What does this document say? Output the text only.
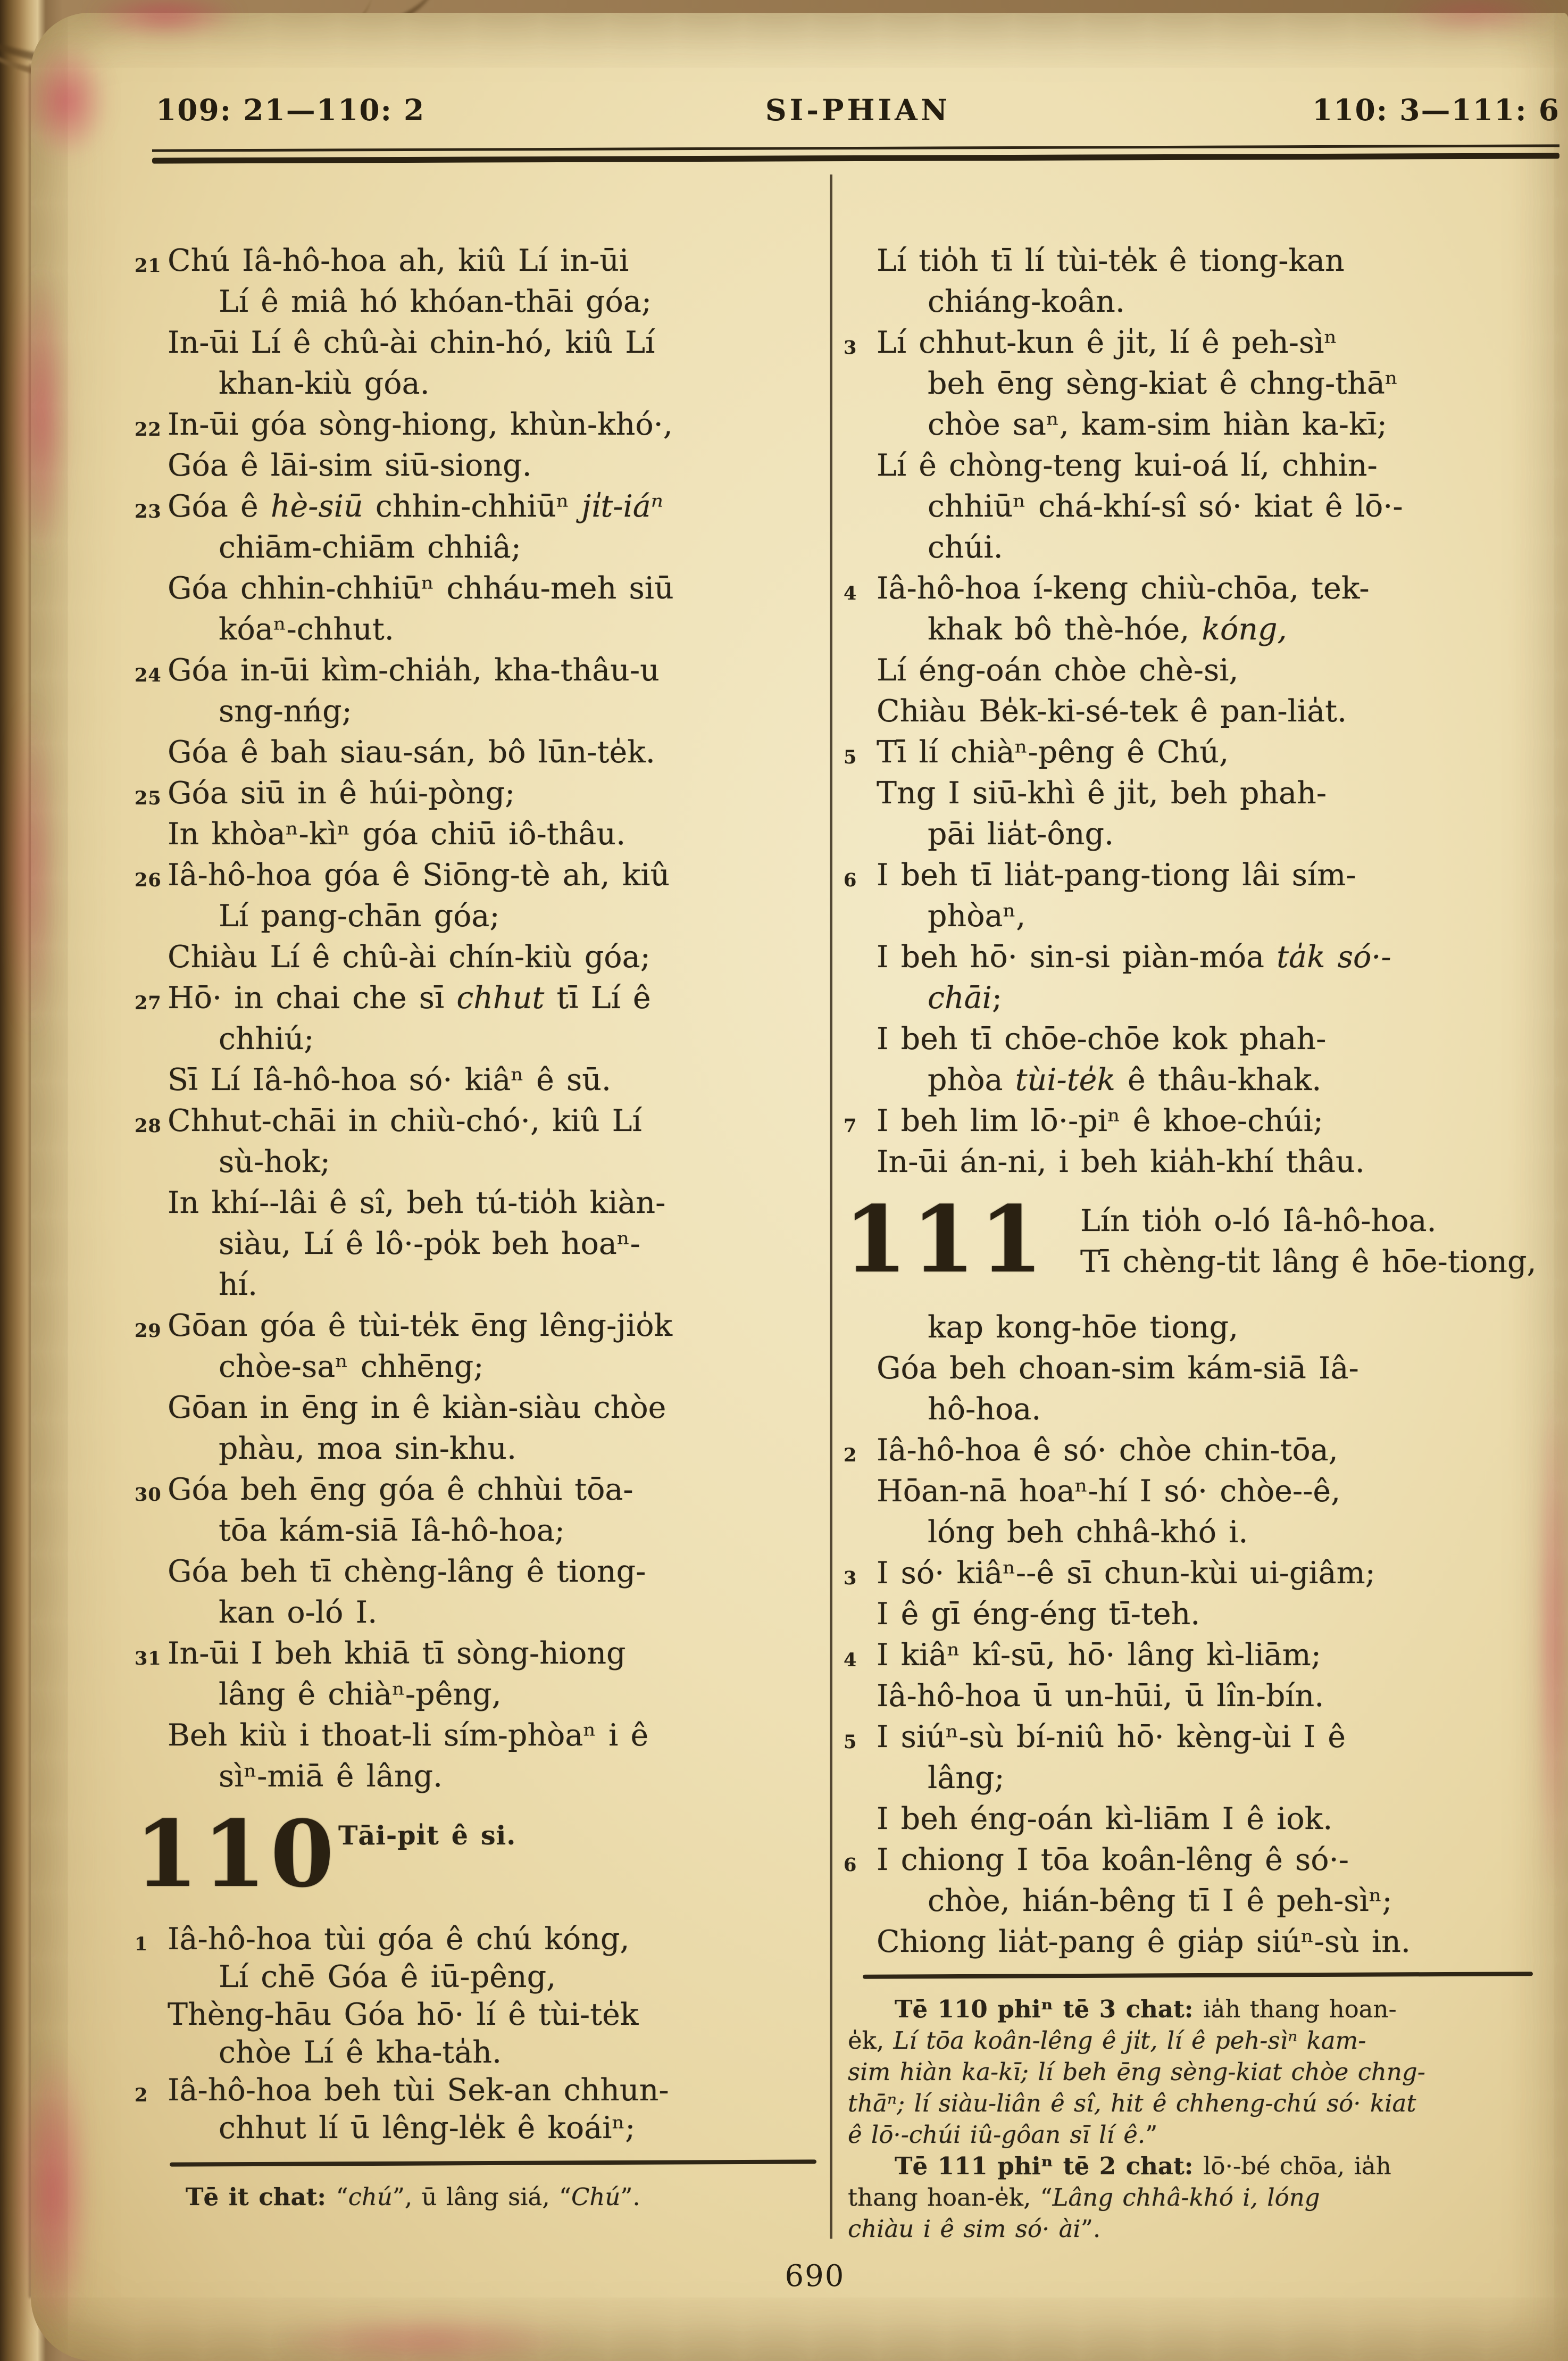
109: 21—110: 2	SI-PHIAN	110: 3—111: 6
21 Chú Iâ-hô-hoa ah, kiû Lí in-ūi
Lí ê miâ hó khóan-thāi góa;
In-ūi Lí ê chû-ài chin-hó, kiû Lí
khan-kiù góa.
22 In-ūi góa sòng-hiong, khùn-khó·,
Góa ê lāi-sim siū-siong.
23 Góa ê hè-siū chhin-chhiūⁿ ji̍t-iáⁿ
chiām-chiām chhiâ;
Góa chhin-chhiūⁿ chháu-meh siū
kóaⁿ-chhut.
24 Góa in-ūi kìm-chia̍h, kha-thâu-u
sng-nńg;
Góa ê bah siau-sán, bô lūn-te̍k.
25 Góa siū in ê húi-pòng;
In khòaⁿ-kìⁿ góa chiū iô-thâu.
26 Iâ-hô-hoa góa ê Siōng-tè ah, kiû
Lí pang-chān góa;
Chiàu Lí ê chû-ài chín-kiù góa;
27 Hō· in chai che sī chhut tī Lí ê
chhiú;
Sī Lí Iâ-hô-hoa só· kiâⁿ ê sū.
28 Chhut-chāi in chiù-chó·, kiû Lí
sù-hok;
In khí--lâi ê sî, beh tú-tio̍h kiàn-
siàu, Lí ê lô·-po̍k beh hoaⁿ-
hí.
29 Gōan góa ê tùi-te̍k ēng lêng-jio̍k
chòe-saⁿ chhēng;
Gōan in ēng in ê kiàn-siàu chòe
phàu, moa sin-khu.
30 Góa beh ēng góa ê chhùi tōa-
tōa kám-siā Iâ-hô-hoa;
Góa beh tī chèng-lâng ê tiong-
kan o-ló I.
31 In-ūi I beh khiā tī sòng-hiong
lâng ê chiàⁿ-pêng,
Beh kiù i thoat-li sím-phòaⁿ i ê
sìⁿ-miā ê lâng.
110 Tāi-pi̍t ê si.
1 Iâ-hô-hoa tùi góa ê chú kóng,
Lí chē Góa ê iū-pêng,
Thèng-hāu Góa hō· lí ê tùi-te̍k
chòe Lí ê kha-ta̍h.
2 Iâ-hô-hoa beh tùi Sek-an chhun-
chhut lí ū lêng-le̍k ê koáiⁿ;
Tē it chat: “chú”, ū lâng siá, “Chú”.
Lí tio̍h tī lí tùi-te̍k ê tiong-kan
chiáng-koân.
3 Lí chhut-kun ê ji̍t, lí ê peh-sìⁿ
beh ēng sèng-kiat ê chng-thāⁿ
chòe saⁿ, kam-sim hiàn ka-kī;
Lí ê chòng-teng kui-oá lí, chhin-
chhiūⁿ chá-khí-sî só· kiat ê lō·-
chúi.
4 Iâ-hô-hoa í-keng chiù-chōa, tek-
khak bô thè-hóe, kóng,
Lí éng-oán chòe chè-si,
Chiàu Be̍k-ki-sé-tek ê pan-lia̍t.
5 Tī lí chiàⁿ-pêng ê Chú,
Tng I siū-khì ê ji̍t, beh phah-
pāi lia̍t-ông.
6 I beh tī lia̍t-pang-tiong lâi sím-
phòaⁿ,
I beh hō· sin-si piàn-móa ta̍k só·-
chāi;
I beh tī chōe-chōe kok phah-
phòa tùi-te̍k ê thâu-khak.
7 I beh lim lō·-piⁿ ê khoe-chúi;
In-ūi án-ni, i beh kia̍h-khí thâu.
111	Lín tio̍h o-ló Iâ-hô-hoa.
Tī chèng-ti̍t lâng ê hōe-tiong,
kap kong-hōe tiong,
Góa beh choan-sim kám-siā Iâ-
hô-hoa.
2 Iâ-hô-hoa ê só· chòe chin-tōa,
Hōan-nā hoaⁿ-hí I só· chòe--ê,
lóng beh chhâ-khó i.
3 I só· kiâⁿ--ê sī chun-kùi ui-giâm;
I ê gī éng-éng tī-teh.
4 I kiâⁿ kî-sū, hō· lâng kì-liām;
Iâ-hô-hoa ū un-hūi, ū lîn-bín.
5 I siúⁿ-sù bí-niû hō· kèng-ùi I ê
lâng;
I beh éng-oán kì-liām I ê iok.
6 I chiong I tōa koân-lêng ê só·-
chòe, hián-bêng tī I ê peh-sìⁿ;
Chiong lia̍t-pang ê gia̍p siúⁿ-sù in.
Tē 110 phiⁿ tē 3 chat: ia̍h thang hoan-
e̍k, Lí tōa koân-lêng ê ji̍t, lí ê peh-sìⁿ kam-
sim hiàn ka-kī; lí beh ēng sèng-kiat chòe chng-
thāⁿ; lí siàu-liân ê sî, hit ê chheng-chú só· kiat
ê lō·-chúi iû-gôan sī lí ê.”
Tē 111 phiⁿ tē 2 chat: lō·-bé chōa, ia̍h
thang hoan-e̍k, “Lâng chhâ-khó i, lóng
chiàu i ê sim só· ài”.
690
